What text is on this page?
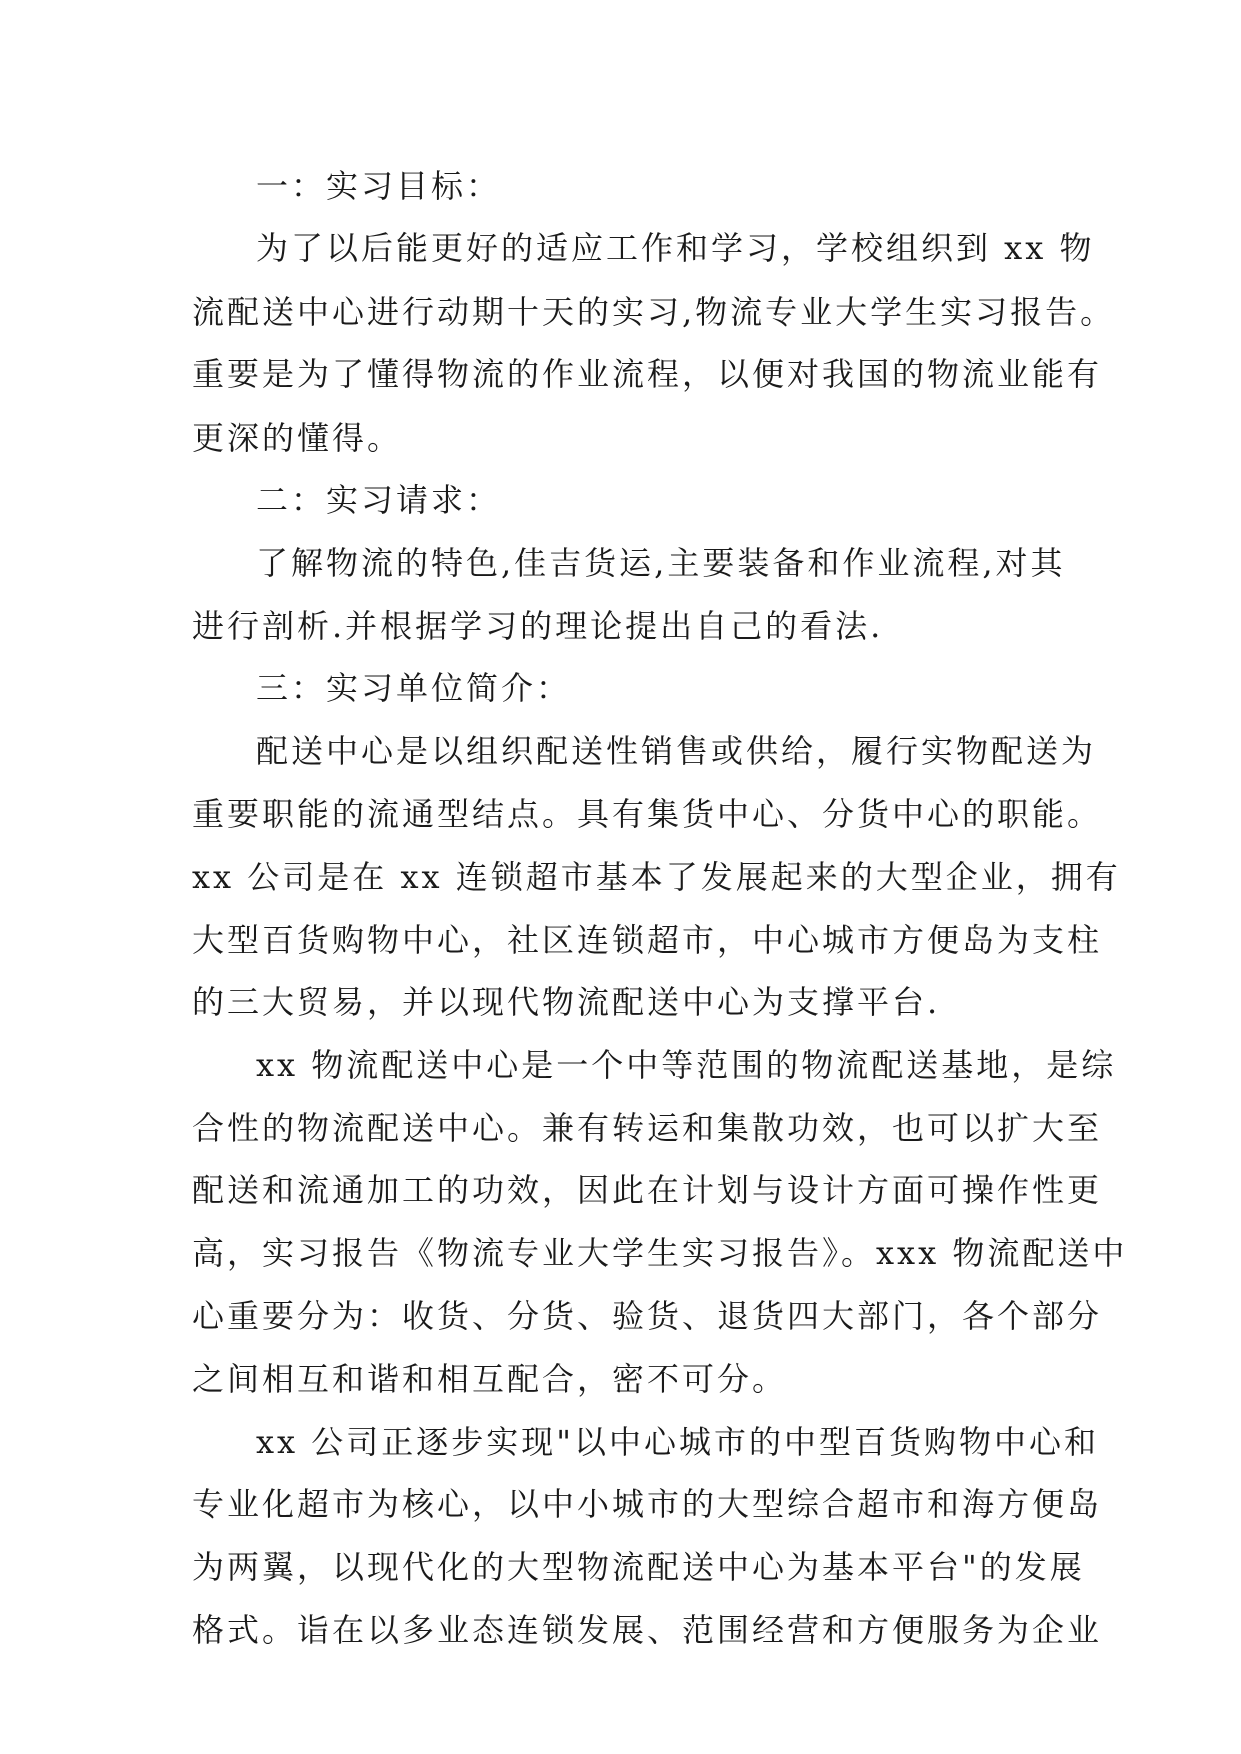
一：实习目标：
为了以后能更好的适应工作和学习，学校组织到 xx 物
流配送中心进行动期十天的实习,物流专业大学生实习报告。
重要是为了懂得物流的作业流程，以便对我国的物流业能有
更深的懂得。
二：实习请求：
了解物流的特色,佳吉货运,主要装备和作业流程,对其
进行剖析.并根据学习的理论提出自己的看法.
三：实习单位简介：
配送中心是以组织配送性销售或供给，履行实物配送为
重要职能的流通型结点。具有集货中心、分货中心的职能。
xx 公司是在 xx 连锁超市基本了发展起来的大型企业，拥有
大型百货购物中心，社区连锁超市，中心城市方便岛为支柱
的三大贸易，并以现代物流配送中心为支撑平台.
xx 物流配送中心是一个中等范围的物流配送基地，是综
合性的物流配送中心。兼有转运和集散功效，也可以扩大至
配送和流通加工的功效，因此在计划与设计方面可操作性更
高，实习报告《物流专业大学生实习报告》。xxx 物流配送中
心重要分为：收货、分货、验货、退货四大部门，各个部分
之间相互和谐和相互配合，密不可分。
xx 公司正逐步实现"以中心城市的中型百货购物中心和
专业化超市为核心，以中小城市的大型综合超市和海方便岛
为两翼，以现代化的大型物流配送中心为基本平台"的发展
格式。诣在以多业态连锁发展、范围经营和方便服务为企业
